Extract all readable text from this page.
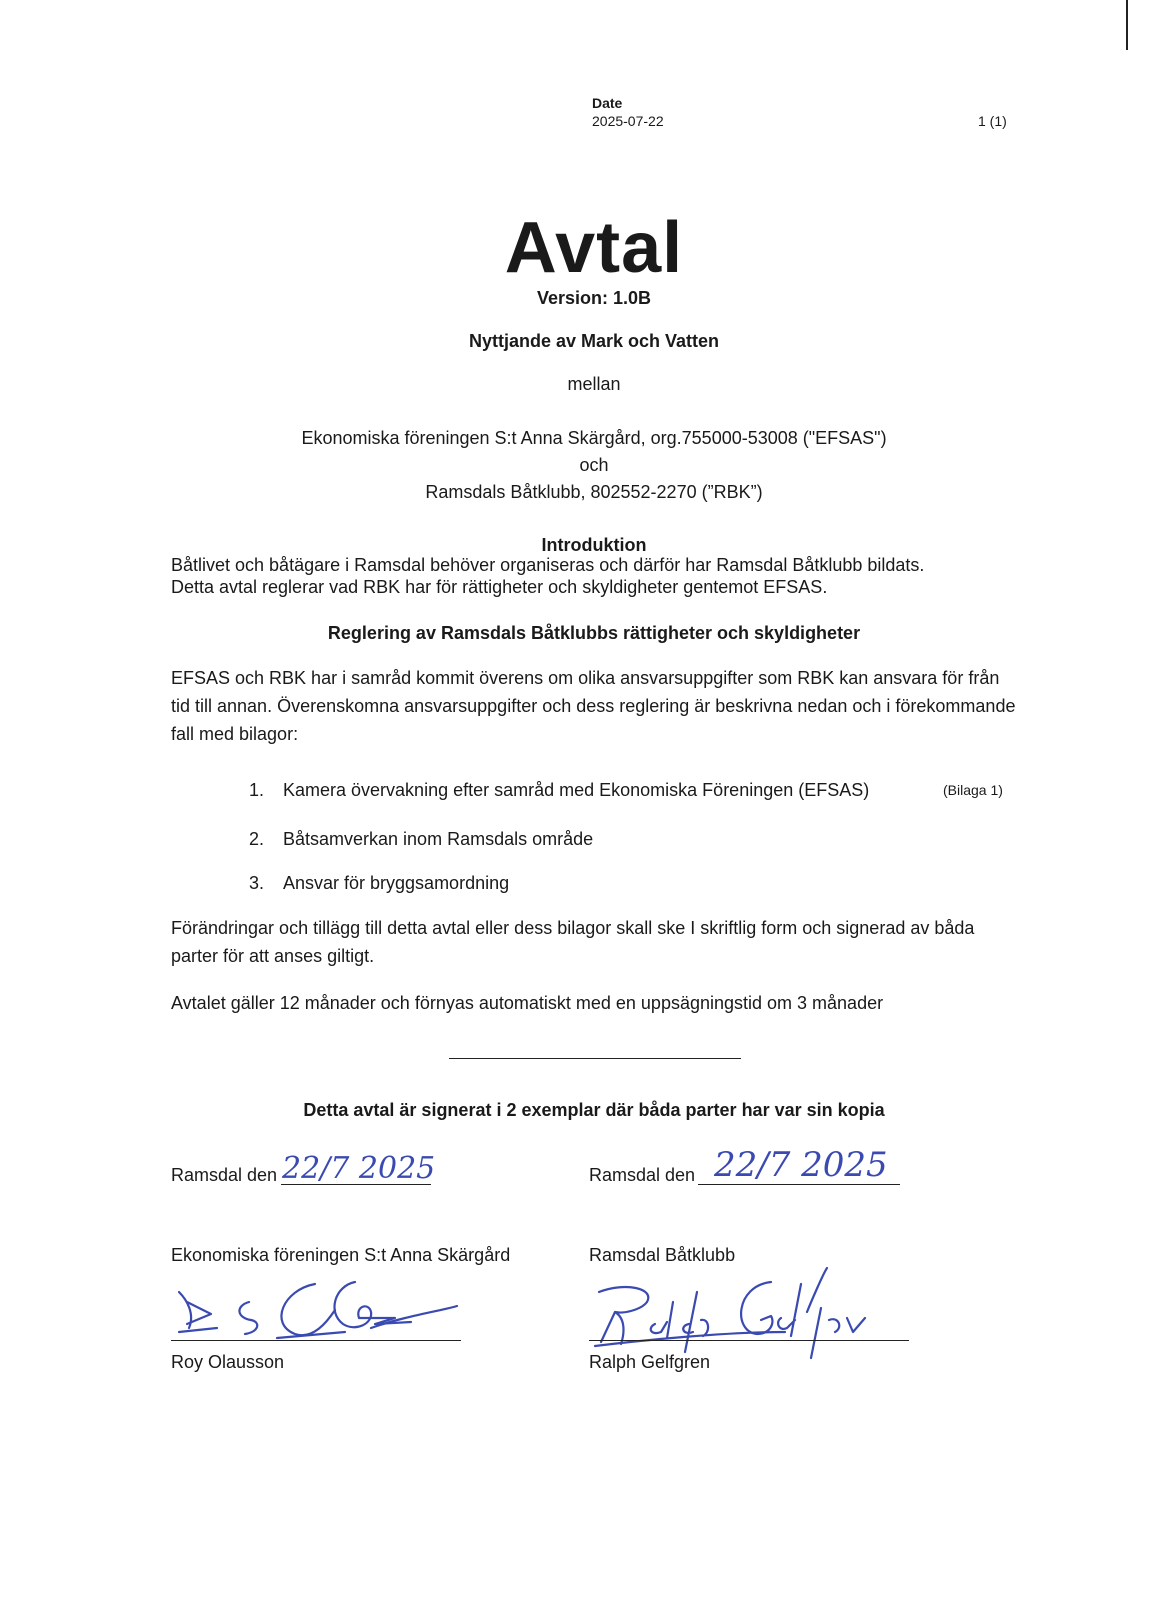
Date
2025-07-22	1 (1)
Avtal
Version: 1.0B
Nyttjande av Mark och Vatten
mellan
Ekonomiska föreningen S:t Anna Skärgård, org.755000-53008 ("EFSAS")
och
Ramsdals Båtklubb, 802552-2270 (”RBK”)
Introduktion
Båtlivet och båtägare i Ramsdal behöver organiseras och därför har Ramsdal Båtklubb bildats.
Detta avtal reglerar vad RBK har för rättigheter och skyldigheter gentemot EFSAS.
Reglering av Ramsdals Båtklubbs rättigheter och skyldigheter
EFSAS och RBK har i samråd kommit överens om olika ansvarsuppgifter som RBK kan ansvara för från
tid till annan. Överenskomna ansvarsuppgifter och dess reglering är beskrivna nedan och i förekommande
fall med bilagor:
1. Kamera övervakning efter samråd med Ekonomiska Föreningen (EFSAS)	(Bilaga 1)
2. Båtsamverkan inom Ramsdals område
3. Ansvar för bryggsamordning
Förändringar och tillägg till detta avtal eller dess bilagor skall ske I skriftlig form och signerad av båda
parter för att anses giltigt.
Avtalet gäller 12 månader och förnyas automatiskt med en uppsägningstid om 3 månader
Detta avtal är signerat i 2 exemplar där båda parter har var sin kopia
Ramsdal den 22/7 2025	Ramsdal den 22/7 2025
Ekonomiska föreningen S:t Anna Skärgård	Ramsdal Båtklubb
Roy Olausson	Ralph Gelfgren
